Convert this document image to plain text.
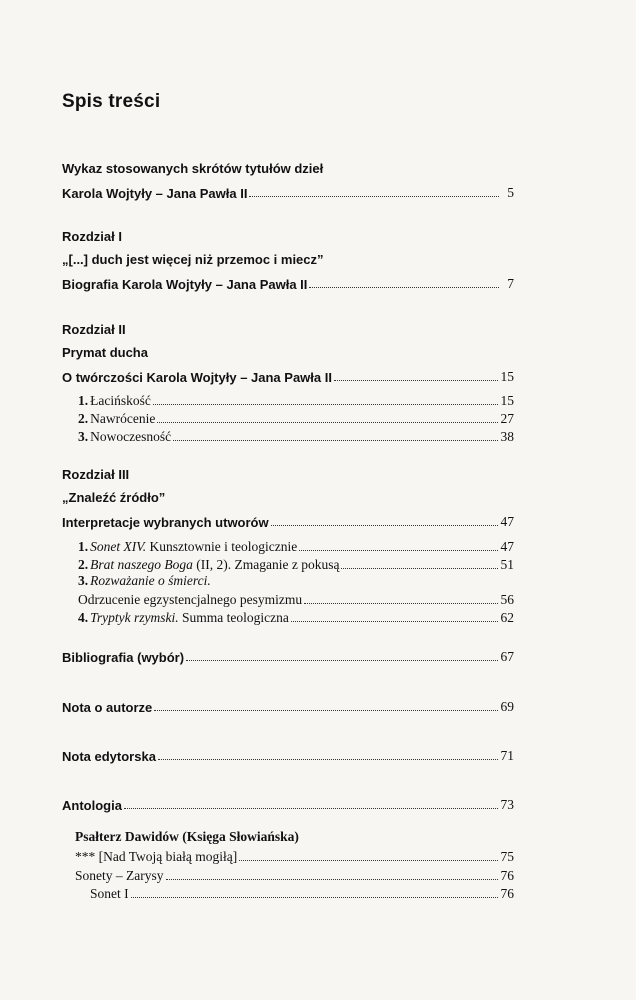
Spis treści
Wykaz stosowanych skrótów tytułów dzieł
Karola Wojtyły – Jana Pawła II	5
Rozdział I
„[...] duch jest więcej niż przemoc i miecz”
Biografia Karola Wojtyły – Jana Pawła II	7
Rozdział II
Prymat ducha
O twórczości Karola Wojtyły – Jana Pawła II	15
1. Łacińskość	15
2. Nawrócenie	27
3. Nowoczesność	38
Rozdział III
„Znaleźć źródło”
Interpretacje wybranych utworów	47
1. Sonet XIV. Kunsztownie i teologicznie	47
2. Brat naszego Boga (II, 2). Zmaganie z pokusą	51
3. Rozważanie o śmierci.
Odrzucenie egzystencjalnego pesymizmu	56
4. Tryptyk rzymski. Summa teologiczna	62
Bibliografia (wybór)	67
Nota o autorze	69
Nota edytorska	71
Antologia	73
Psałterz Dawidów (Księga Słowiańska)
*** [Nad Twoją białą mogiłą]	75
Sonety – Zarysy	76
Sonet I	76
